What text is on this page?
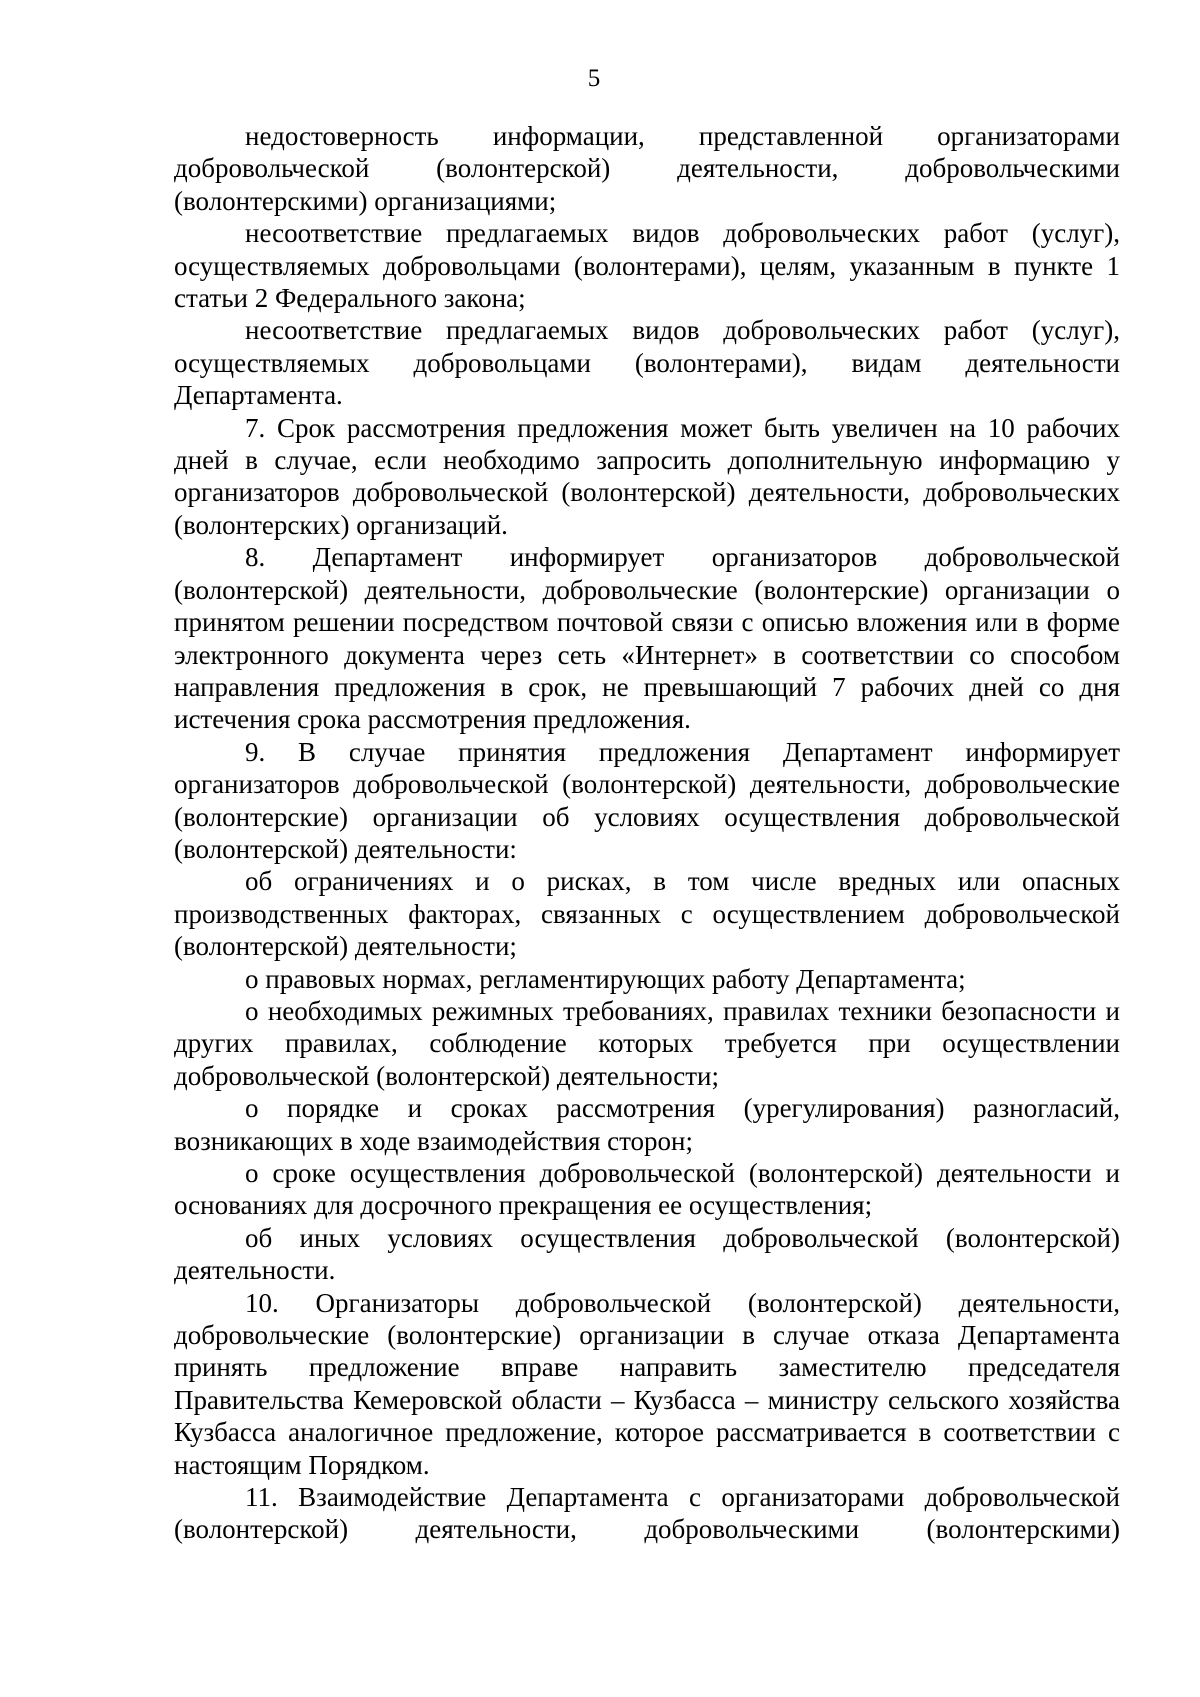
5

недостоверность информации, представленной организаторами добровольческой (волонтерской) деятельности, добровольческими (волонтерскими) организациями;

несоответствие предлагаемых видов добровольческих работ (услуг), осуществляемых добровольцами (волонтерами), целям, указанным в пункте 1 статьи 2 Федерального закона;

несоответствие предлагаемых видов добровольческих работ (услуг), осуществляемых добровольцами (волонтерами), видам деятельности Департамента.

7. Срок рассмотрения предложения может быть увеличен на 10 рабочих дней в случае, если необходимо запросить дополнительную информацию у организаторов добровольческой (волонтерской) деятельности, добровольческих (волонтерских) организаций.

8. Департамент информирует организаторов добровольческой (волонтерской) деятельности, добровольческие (волонтерские) организации о принятом решении посредством почтовой связи с описью вложения или в форме электронного документа через сеть «Интернет» в соответствии со способом направления предложения в срок, не превышающий 7 рабочих дней со дня истечения срока рассмотрения предложения.

9. В случае принятия предложения Департамент информирует организаторов добровольческой (волонтерской) деятельности, добровольческие (волонтерские) организации об условиях осуществления добровольческой (волонтерской) деятельности:

об ограничениях и о рисках, в том числе вредных или опасных производственных факторах, связанных с осуществлением добровольческой (волонтерской) деятельности;

о правовых нормах, регламентирующих работу Департамента;

о необходимых режимных требованиях, правилах техники безопасности и других правилах, соблюдение которых требуется при осуществлении добровольческой (волонтерской) деятельности;

о порядке и сроках рассмотрения (урегулирования) разногласий, возникающих в ходе взаимодействия сторон;

о сроке осуществления добровольческой (волонтерской) деятельности и основаниях для досрочного прекращения ее осуществления;

об иных условиях осуществления добровольческой (волонтерской) деятельности.

10. Организаторы добровольческой (волонтерской) деятельности, добровольческие (волонтерские) организации в случае отказа Департамента принять предложение вправе направить заместителю председателя Правительства Кемеровской области – Кузбасса – министру сельского хозяйства Кузбасса аналогичное предложение, которое рассматривается в соответствии с настоящим Порядком.

11. Взаимодействие Департамента с организаторами добровольческой (волонтерской) деятельности, добровольческими (волонтерскими)
